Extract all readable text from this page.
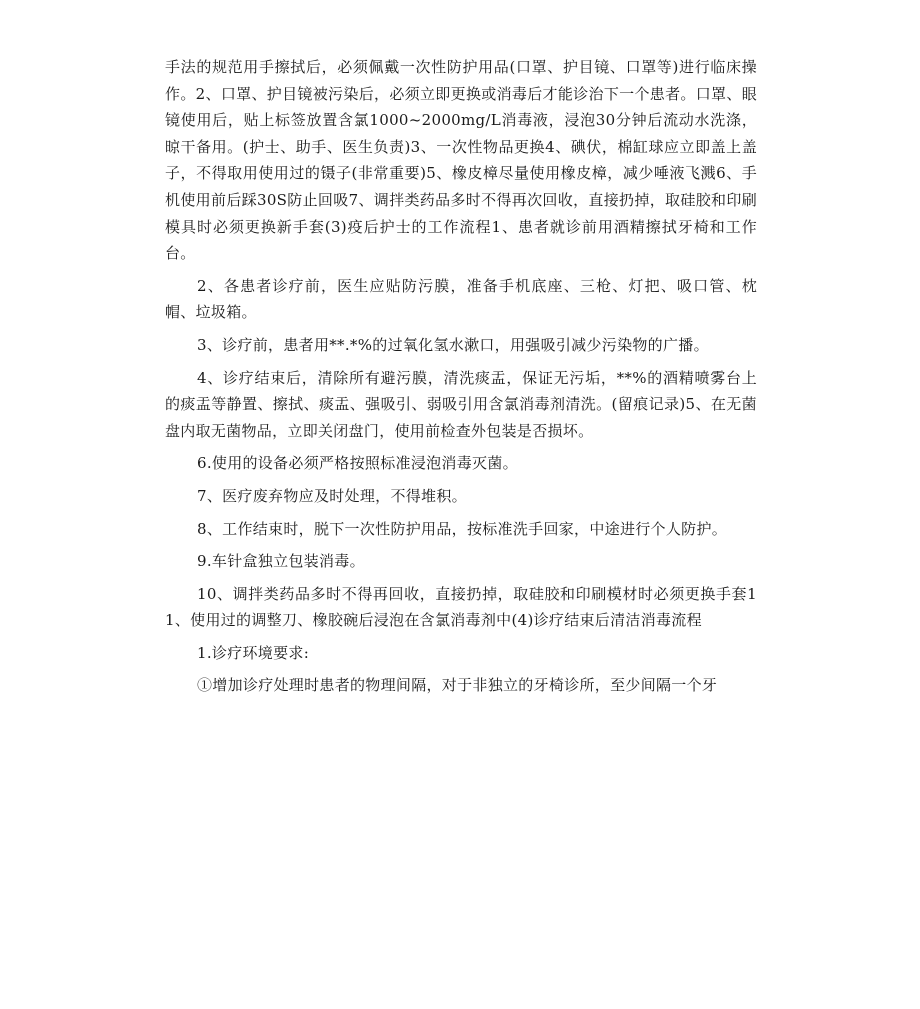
手法的规范用手擦拭后，必须佩戴一次性防护用品(口罩、护目镜、口罩等)进行临床操作。2、口罩、护目镜被污染后，必须立即更换或消毒后才能诊治下一个患者。口罩、眼镜使用后，贴上标签放置含氯1000~2000mg/L消毒液，浸泡30分钟后流动水洗涤，晾干备用。(护士、助手、医生负责)3、一次性物品更换4、碘伏，棉缸球应立即盖上盖子，不得取用使用过的镊子(非常重要)5、橡皮樟尽量使用橡皮樟，减少唾液飞溅6、手机使用前后踩30S防止回吸7、调拌类药品多时不得再次回收，直接扔掉，取硅胶和印刷模具时必须更换新手套(3)疫后护士的工作流程1、患者就诊前用酒精擦拭牙椅和工作台。

2、各患者诊疗前，医生应贴防污膜，准备手机底座、三枪、灯把、吸口管、枕帽、垃圾箱。

3、诊疗前，患者用**.*%的过氧化氢水漱口，用强吸引减少污染物的广播。

4、诊疗结束后，清除所有避污膜，清洗痰盂，保证无污垢，**%的酒精喷雾台上的痰盂等静置、擦拭、痰盂、强吸引、弱吸引用含氯消毒剂清洗。(留痕记录)5、在无菌盘内取无菌物品，立即关闭盘门，使用前检查外包装是否损坏。

6.使用的设备必须严格按照标准浸泡消毒灭菌。

7、医疗废弃物应及时处理，不得堆积。

8、工作结束时，脱下一次性防护用品，按标准洗手回家，中途进行个人防护。

9.车针盒独立包装消毒。

10、调拌类药品多时不得再回收，直接扔掉，取硅胶和印刷模材时必须更换手套11、使用过的调整刀、橡胶碗后浸泡在含氯消毒剂中(4)诊疗结束后清洁消毒流程

1.诊疗环境要求:

①增加诊疗处理时患者的物理间隔，对于非独立的牙椅诊所，至少间隔一个牙
